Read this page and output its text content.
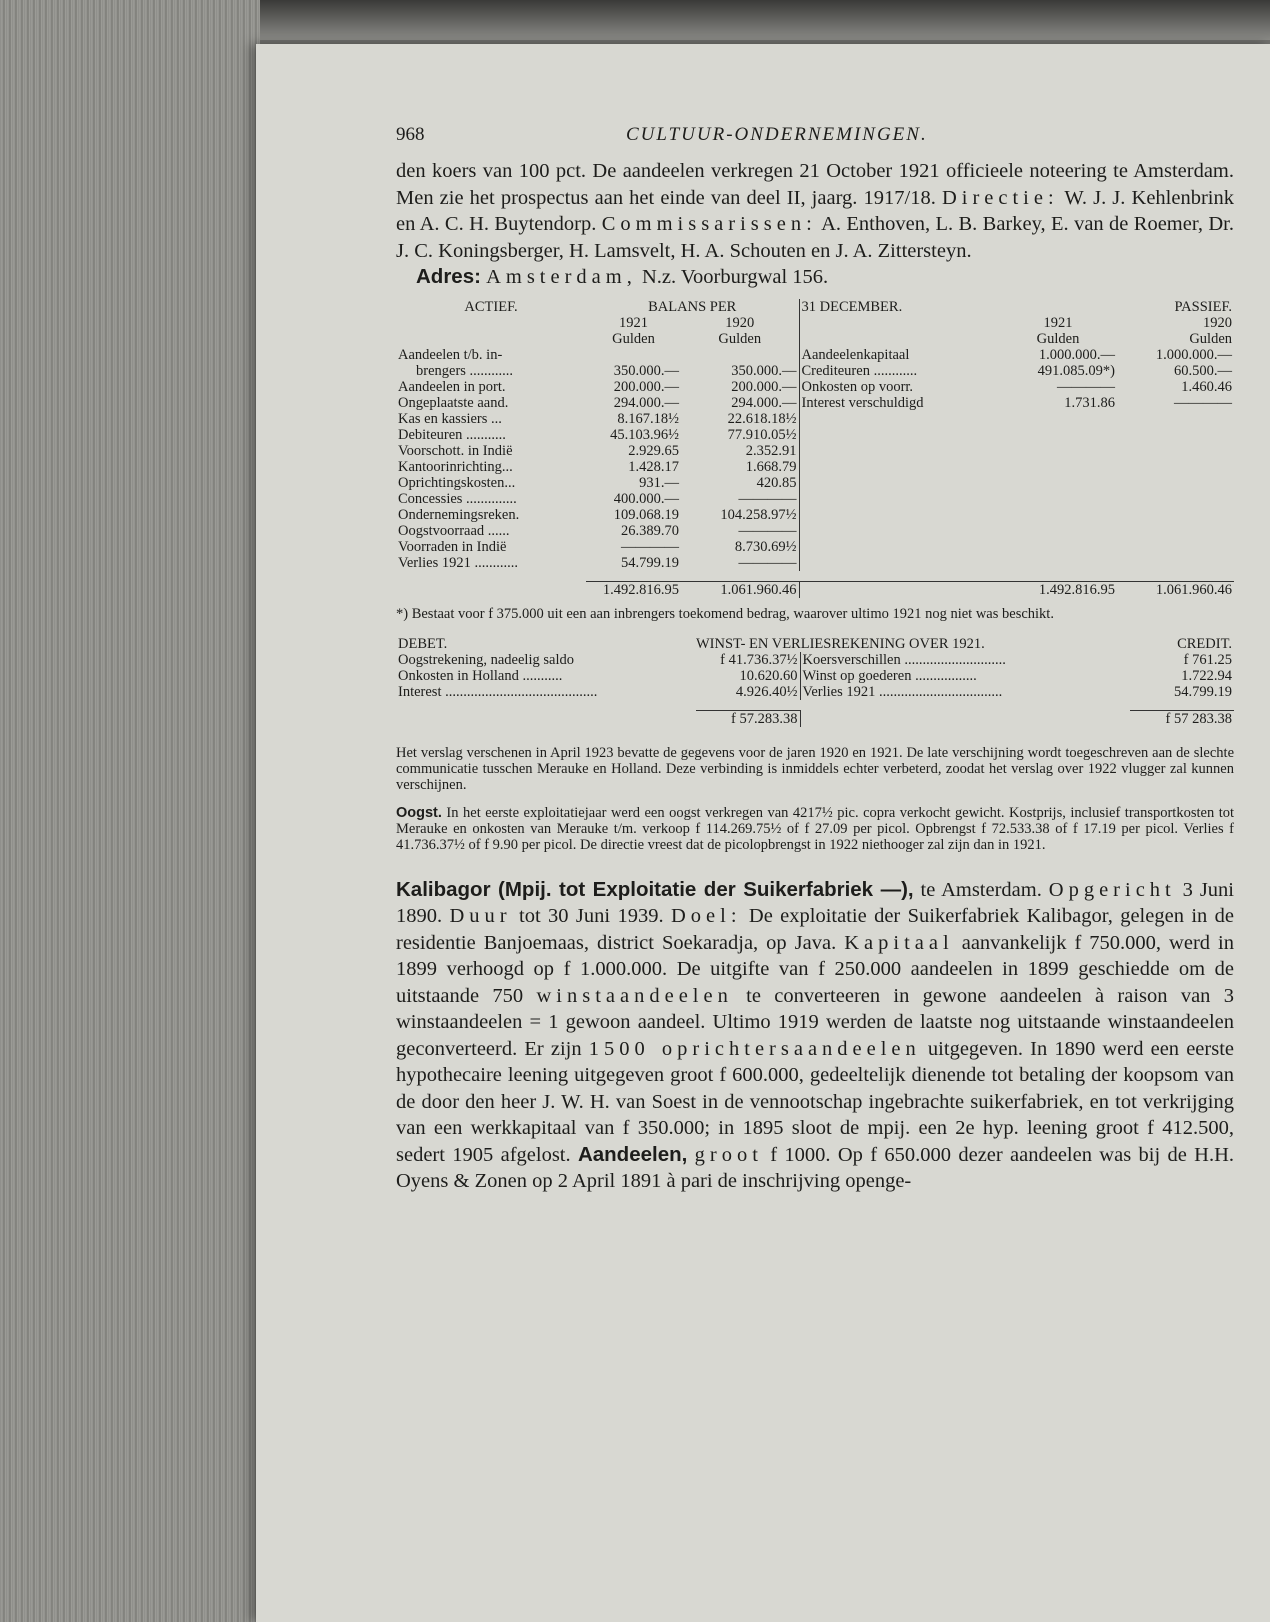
968	CULTUUR-ONDERNEMINGEN.

den koers van 100 pct. De aandeelen verkregen 21 October 1921 officieele noteering te Amsterdam. Men zie het prospectus aan het einde van deel II, jaarg. 1917/18. Directie: W. J. J. Kehlenbrink en A. C. H. Buytendorp. Commissarissen: A. Enthoven, L. B. Barkey, E. van de Roemer, Dr. J. C. Koningsberger, H. Lamsvelt, H. A. Schouten en J. A. Zittersteyn.

Adres: Amsterdam, N.z. Voorburgwal 156.

ACTIEF.	BALANS PER		31 DECEMBER.		PASSIEF.
	1921	1920		1921	1920
	Gulden	Gulden		Gulden	Gulden
Aandeelen t/b. in-			Aandeelenkapitaal	1.000.000.—	1.000.000.—
brengers ............	350.000.—	350.000.—	Crediteuren ............	491.085.09*)	60.500.—
Aandeelen in port.	200.000.—	200.000.—	Onkosten op voorr.	————	1.460.46
Ongeplaatste aand.	294.000.—	294.000.—	Interest verschuldigd	1.731.86	————
Kas en kassiers ...	8.167.18½	22.618.18½			
Debiteuren ...........	45.103.96½	77.910.05½			
Voorschott. in Indië	2.929.65	2.352.91			
Kantoorinrichting...	1.428.17	1.668.79			
Oprichtingskosten...	931.—	420.85			
Concessies ..............	400.000.—	————			
Ondernemingsreken.	109.068.19	104.258.97½			
Oogstvoorraad ......	26.389.70	————			
Voorraden in Indië	————	8.730.69½			
Verlies 1921 ............	54.799.19	————			

	1.492.816.95	1.061.960.46		1.492.816.95	1.061.960.46

*) Bestaat voor f 375.000 uit een aan inbrengers toekomend bedrag, waarover ultimo 1921 nog niet was beschikt.

DEBET.	WINST- EN VERLIESREKENING OVER 1921.		CREDIT.
Oogstrekening, nadeelig saldo	f 41.736.37½	Koersverschillen ............................	f 761.25
Onkosten in Holland ...........	10.620.60	Winst op goederen .................	1.722.94
Interest ..........................................	4.926.40½	Verlies 1921 ..................................	54.799.19

	f 57.283.38		f 57 283.38

Het verslag verschenen in April 1923 bevatte de gegevens voor de jaren 1920 en 1921. De late verschijning wordt toegeschreven aan de slechte communicatie tusschen Merauke en Holland. Deze verbinding is inmiddels echter verbeterd, zoodat het verslag over 1922 vlugger zal kunnen verschijnen.

Oogst. In het eerste exploitatiejaar werd een oogst verkregen van 4217½ pic. copra verkocht gewicht. Kostprijs, inclusief transportkosten tot Merauke en onkosten van Merauke t/m. verkoop f 114.269.75½ of f 27.09 per picol. Opbrengst f 72.533.38 of f 17.19 per picol. Verlies f 41.736.37½ of f 9.90 per picol. De directie vreest dat de picolopbrengst in 1922 niethooger zal zijn dan in 1921.

Kalibagor (Mpij. tot Exploitatie der Suikerfabriek —), te Amsterdam. Opgericht 3 Juni 1890. Duur tot 30 Juni 1939. Doel: De exploitatie der Suikerfabriek Kalibagor, gelegen in de residentie Banjoemaas, district Soekaradja, op Java. Kapitaal aanvankelijk f 750.000, werd in 1899 verhoogd op f 1.000.000. De uitgifte van f 250.000 aandeelen in 1899 geschiedde om de uitstaande 750 winstaandeelen te converteeren in gewone aandeelen à raison van 3 winstaandeelen = 1 gewoon aandeel. Ultimo 1919 werden de laatste nog uitstaande winstaandeelen geconverteerd. Er zijn 1500 oprichtersaandeelen uitgegeven. In 1890 werd een eerste hypothecaire leening uitgegeven groot f 600.000, gedeeltelijk dienende tot betaling der koopsom van de door den heer J. W. H. van Soest in de vennootschap ingebrachte suikerfabriek, en tot verkrijging van een werkkapitaal van f 350.000; in 1895 sloot de mpij. een 2e hyp. leening groot f 412.500, sedert 1905 afgelost. Aandeelen, groot f 1000. Op f 650.000 dezer aandeelen was bij de H.H. Oyens & Zonen op 2 April 1891 à pari de inschrijving openge-
